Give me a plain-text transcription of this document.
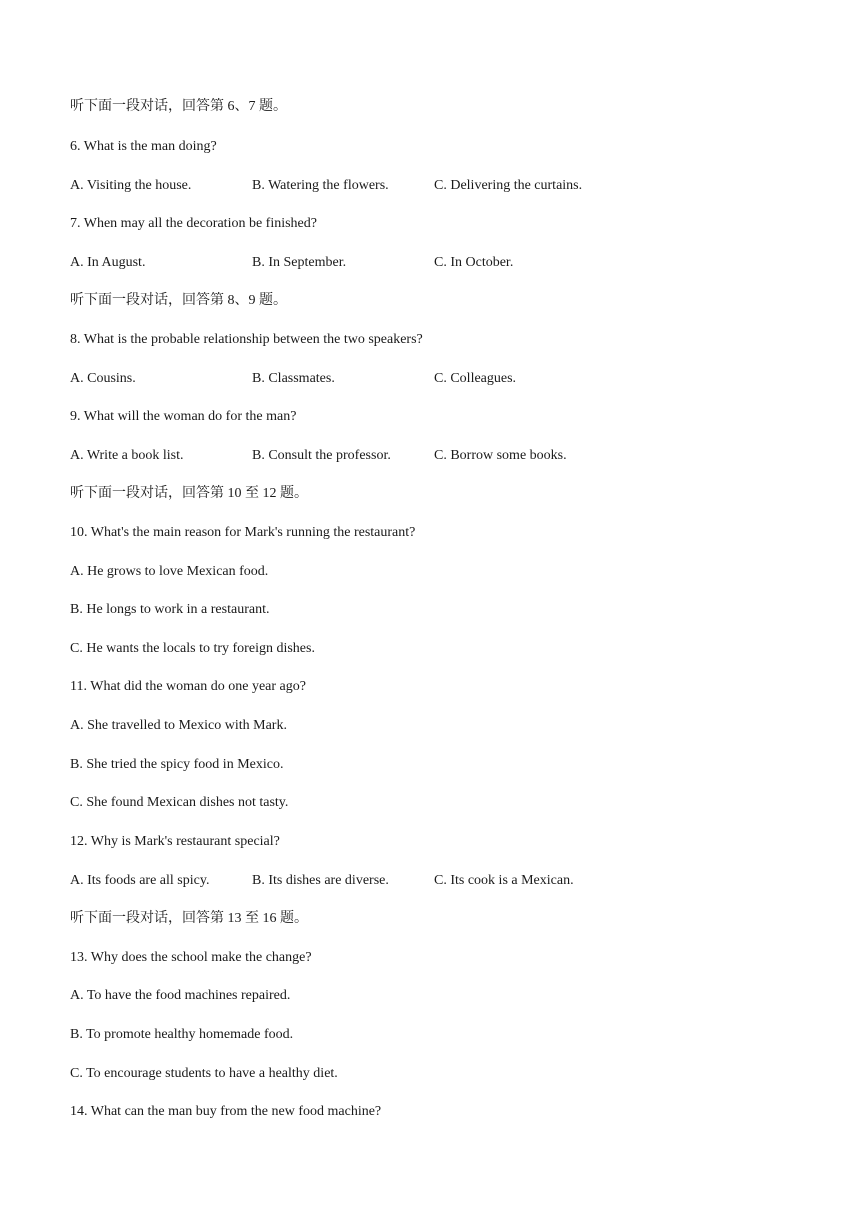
听下面一段对话，回答第 6、7 题。
6. What is the man doing?
A. Visiting the house.	B. Watering the flowers.	C. Delivering the curtains.
7. When may all the decoration be finished?
A. In August.	B. In September.	C. In October.
听下面一段对话，回答第 8、9 题。
8. What is the probable relationship between the two speakers?
A. Cousins.	B. Classmates.	C. Colleagues.
9. What will the woman do for the man?
A. Write a book list.	B. Consult the professor.	C. Borrow some books.
听下面一段对话，回答第 10 至 12 题。
10. What's the main reason for Mark's running the restaurant?
A. He grows to love Mexican food.
B. He longs to work in a restaurant.
C. He wants the locals to try foreign dishes.
11. What did the woman do one year ago?
A. She travelled to Mexico with Mark.
B. She tried the spicy food in Mexico.
C. She found Mexican dishes not tasty.
12. Why is Mark's restaurant special?
A. Its foods are all spicy.	B. Its dishes are diverse.	C. Its cook is a Mexican.
听下面一段对话，回答第 13 至 16 题。
13. Why does the school make the change?
A. To have the food machines repaired.
B. To promote healthy homemade food.
C. To encourage students to have a healthy diet.
14. What can the man buy from the new food machine?
